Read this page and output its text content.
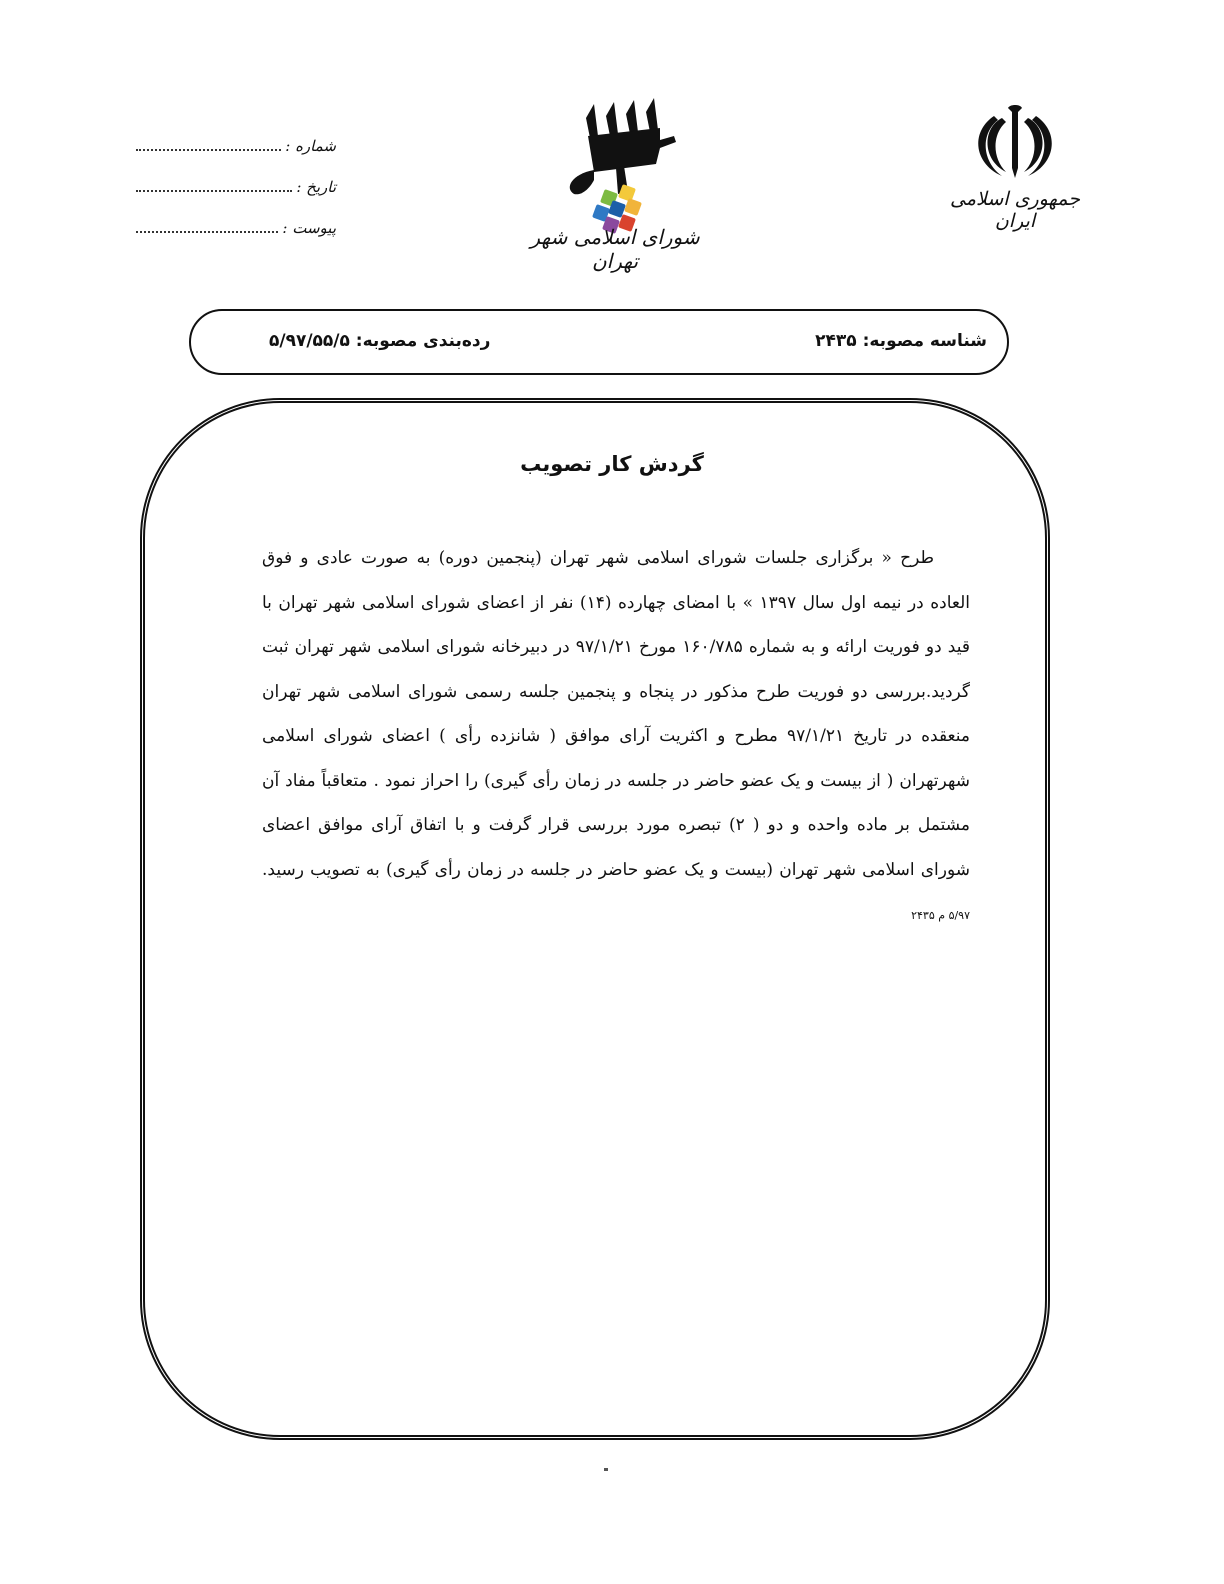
شماره :
تاریخ :
پیوست :	شورای اسلامی شهر تهران
جمهوری اسلامی ایران
شناسه مصوبه: ۲۴۳۵
رده‌بندی مصوبه: ۵/۹۷/۵۵/۵
گردش کار تصویب
طرح « برگزاری جلسات شورای اسلامی شهر تهران (پنجمین دوره) به صورت عادی و فوق العاده در نیمه اول سال ۱۳۹۷ » با امضای چهارده (۱۴) نفر از اعضای شورای اسلامی شهر تهران با قید دو فوریت ارائه و به شماره ۱۶۰/۷۸۵ مورخ ۹۷/۱/۲۱ در دبیرخانه شورای اسلامی شهر تهران ثبت گردید.بررسی دو فوریت طرح مذکور در پنجاه و پنجمین جلسه رسمی شورای اسلامی شهر تهران منعقده در تاریخ ۹۷/۱/۲۱ مطرح و اکثریت آرای موافق ( شانزده رأی ) اعضای شورای اسلامی شهرتهران ( از بیست و یک عضو حاضر در جلسه در زمان رأی گیری) را احراز نمود . متعاقباً مفاد آن مشتمل بر ماده واحده و دو ( ۲) تبصره مورد بررسی قرار گرفت و با اتفاق آرای موافق اعضای شورای اسلامی شهر تهران (بیست و یک عضو حاضر در جلسه در زمان رأی گیری) به تصویب رسید. ۵/۹۷ م ۲۴۳۵
